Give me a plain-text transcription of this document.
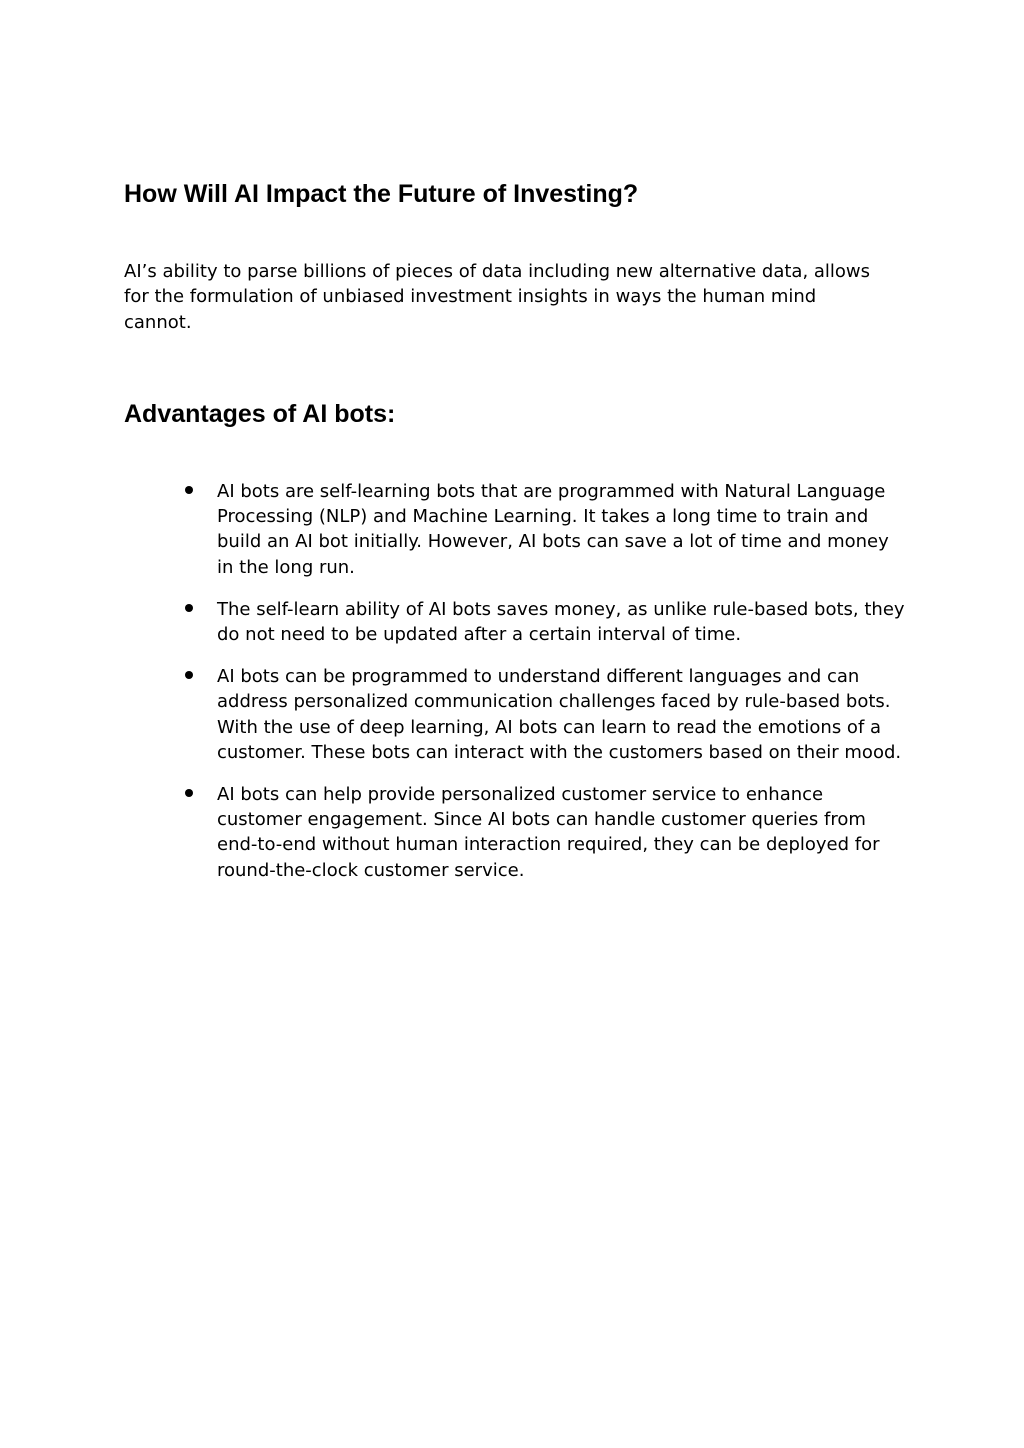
How Will AI Impact the Future of Investing?

AI’s ability to parse billions of pieces of data including new alternative data, allows for the formulation of unbiased investment insights in ways the human mind cannot.

Advantages of AI bots:
AI bots are self-learning bots that are programmed with Natural Language Processing (NLP) and Machine Learning. It takes a long time to train and build an AI bot initially. However, AI bots can save a lot of time and money in the long run.
The self-learn ability of AI bots saves money, as unlike rule-based bots, they do not need to be updated after a certain interval of time.
AI bots can be programmed to understand different languages and can address personalized communication challenges faced by rule-based bots. With the use of deep learning, AI bots can learn to read the emotions of a customer. These bots can interact with the customers based on their mood.
AI bots can help provide personalized customer service to enhance customer engagement. Since AI bots can handle customer queries from end-to-end without human interaction required, they can be deployed for round-the-clock customer service.
